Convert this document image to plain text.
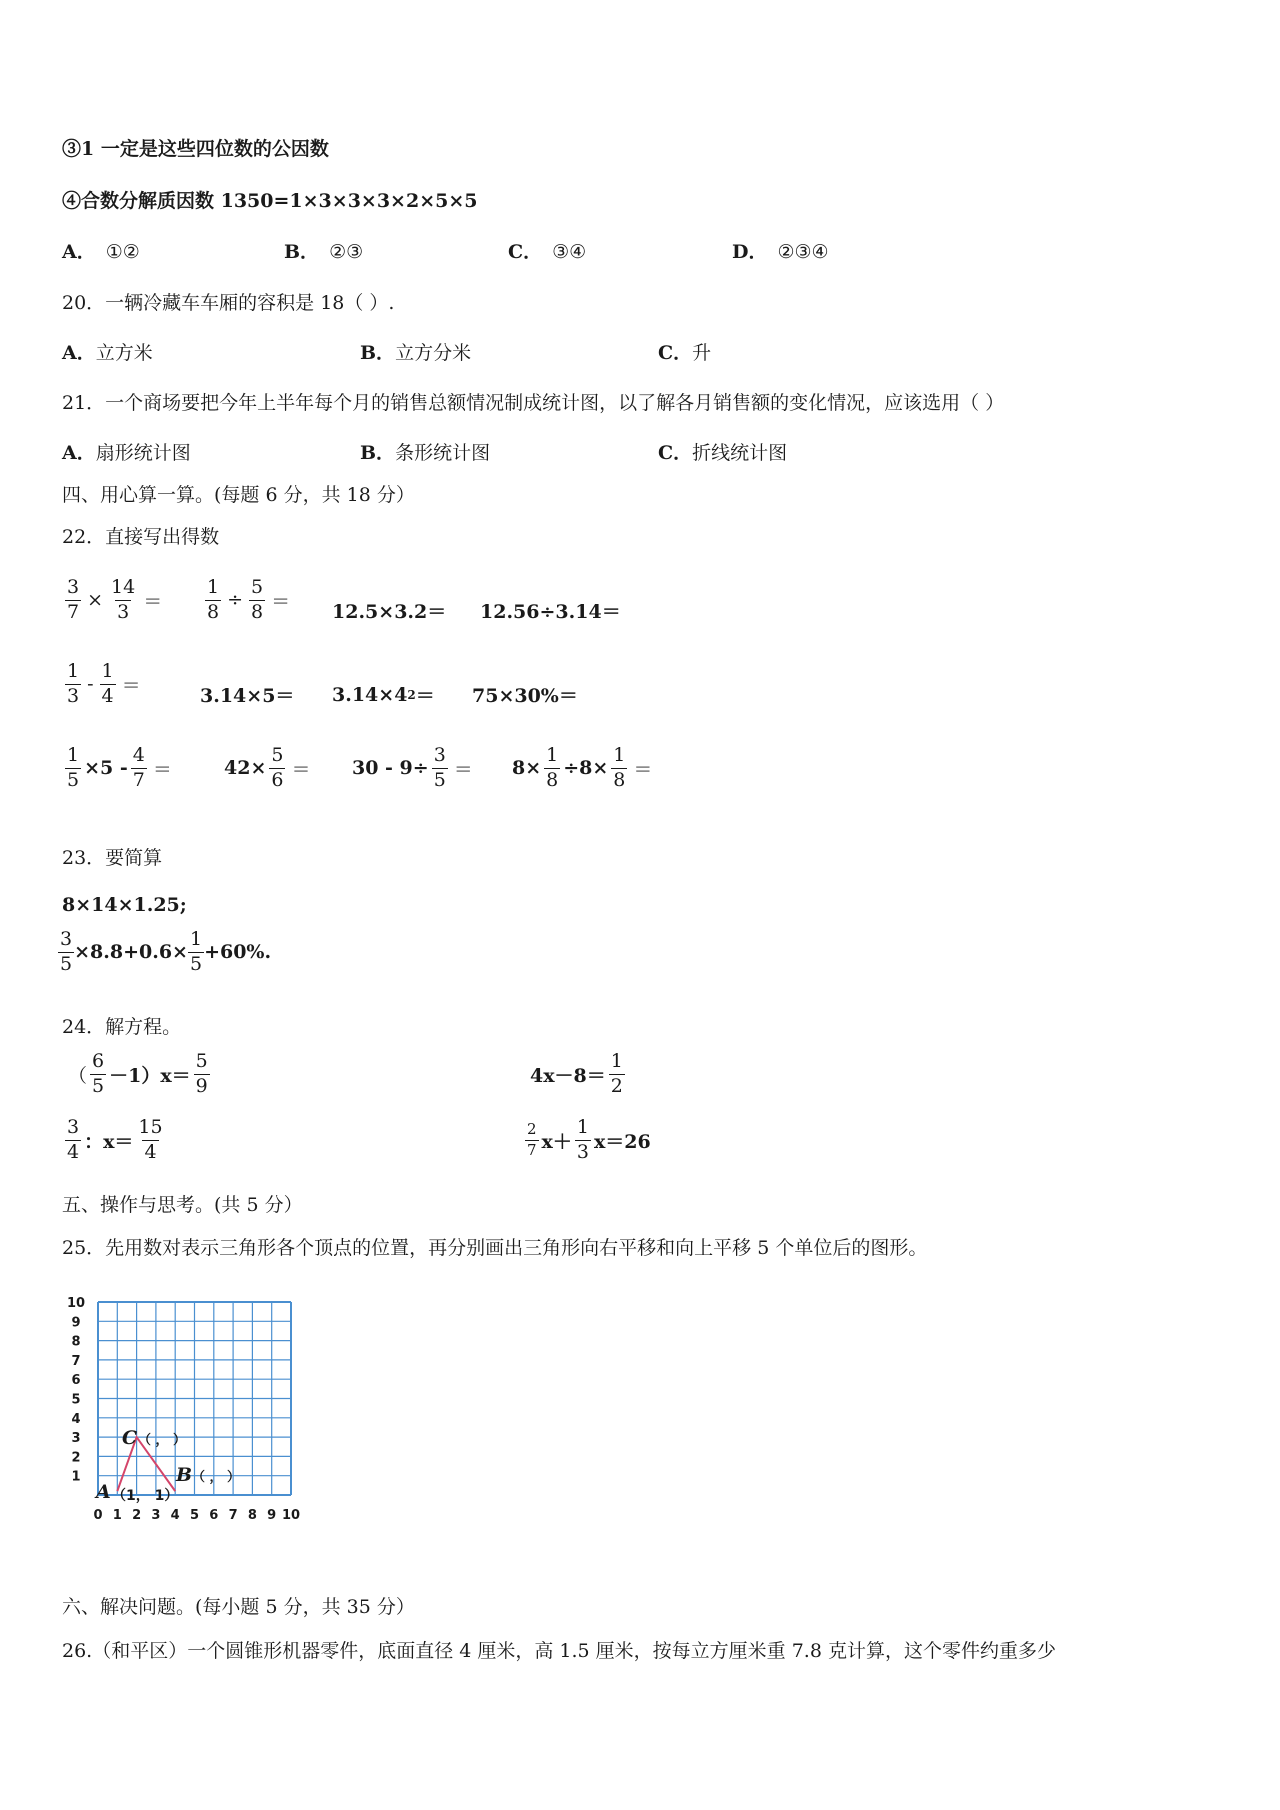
③1 一定是这些四位数的公因数
④合数分解质因数 1350=1×3×3×3×2×5×5
A． ①②	B． ②③	C． ③④	D． ②③④
20．一辆冷藏车车厢的容积是 18（ ）.
A．立方米	B．立方分米	C．升
21．一个商场要把今年上半年每个月的销售总额情况制成统计图，以了解各月销售额的变化情况，应该选用（ ）
A．扇形统计图	B．条形统计图	C．折线统计图
四、用心算一算。(每题 6 分，共 18 分）
22．直接写出得数
$\frac{3}{7} \times \frac{14}{3} = \frac{1}{8} \div \frac{5}{8} = 12.5\times 3.2= 12.56\div 3.14=$
$\frac{1}{3} - \frac{1}{4}$ ＝	3.14×5＝ 3.14×4 2 ＝ 75×30%＝
$\frac{1}{5} \times 5 - \frac{4}{7}$ ＝	$42\times \frac{5}{6} = 30 - 9\div \frac{3}{5} = 8\times \frac{1}{8} \div 8\times \frac{1}{8}$ ＝
23．要简算
8×14×1.25;
$\frac{3}{5} \times 8.8+0.6\times \frac{1}{5} +60\%$.
24．解方程。
（ $\frac{6}{5} -1)x= \frac{5}{9}$	$4x-8= \frac{1}{2}$
$\frac{3}{4}$ ：$x= \frac{15}{4}$	$\frac{2}{7} x+ \frac{1}{3} x=26$
五、操作与思考。(共 5 分）
25．先用数对表示三角形各个顶点的位置，再分别画出三角形向右平移和向上平移 5 个单位后的图形。
1
2
3
4
5
6
7
8
9
10
0 1 2 3 4 5 6 7 8 9 10
A （1， 1）
B （ ， ）
C （ ， ）
六、解决问题。(每小题 5 分，共 35 分）
26.（和平区）一个圆锥形机器零件，底面直径 4 厘米，高 1.5 厘米，按每立方厘米重 7.8 克计算，这个零件约重多少
